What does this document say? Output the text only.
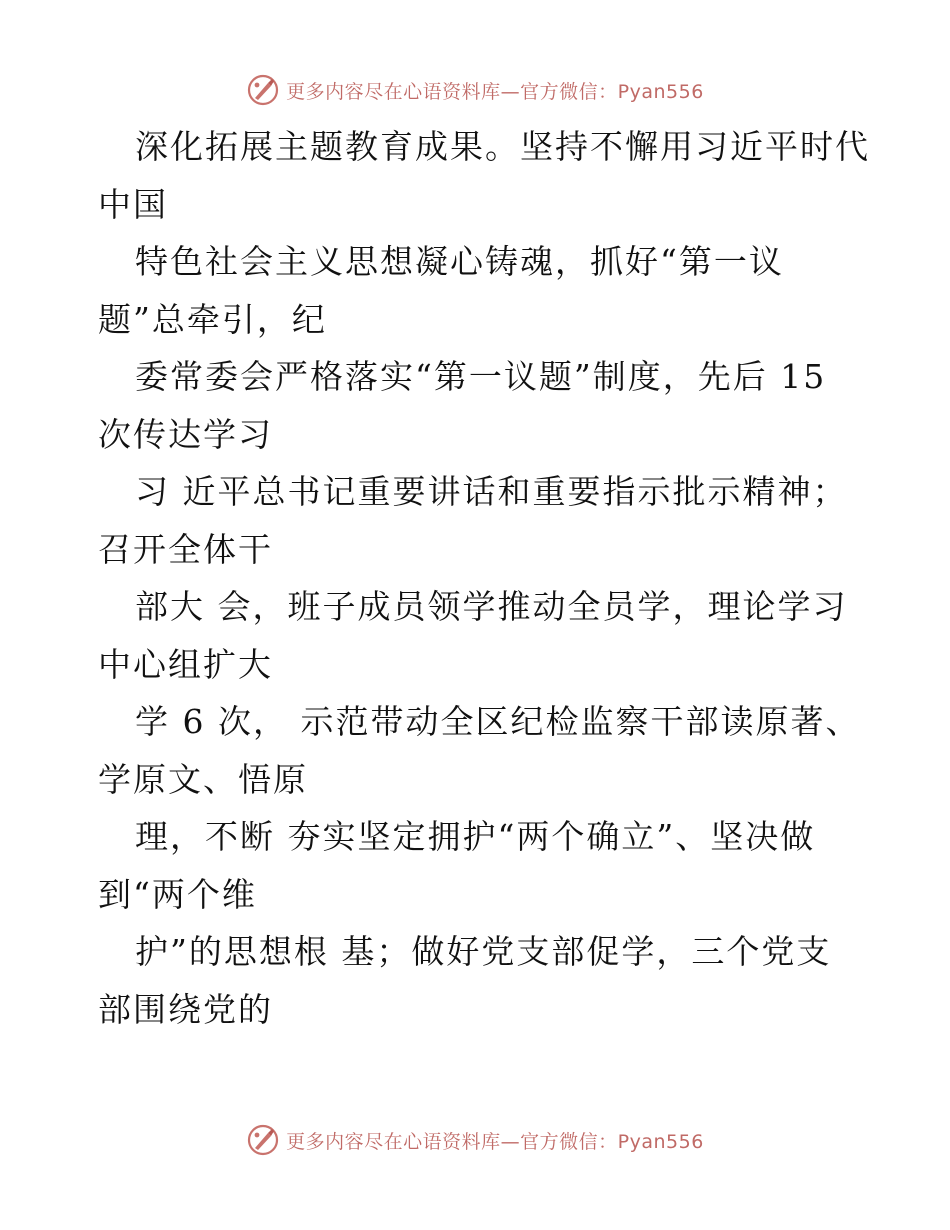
更多内容尽在心语资料库—官方微信：Pyan556
深化拓展主题教育成果。坚持不懈用习近平时代
中国
特色社会主义思想凝心铸魂，抓好“第一议
题”总牵引，纪
委常委会严格落实“第一议题”制度，先后 15
次传达学习
习 近平总书记重要讲话和重要指示批示精神；
召开全体干
部大 会，班子成员领学推动全员学，理论学习
中心组扩大
学 6 次， 示范带动全区纪检监察干部读原著、
学原文、悟原
理，不断 夯实坚定拥护“两个确立”、坚决做
到“两个维
护”的思想根 基；做好党支部促学，三个党支
部围绕党的
更多内容尽在心语资料库—官方微信：Pyan556
